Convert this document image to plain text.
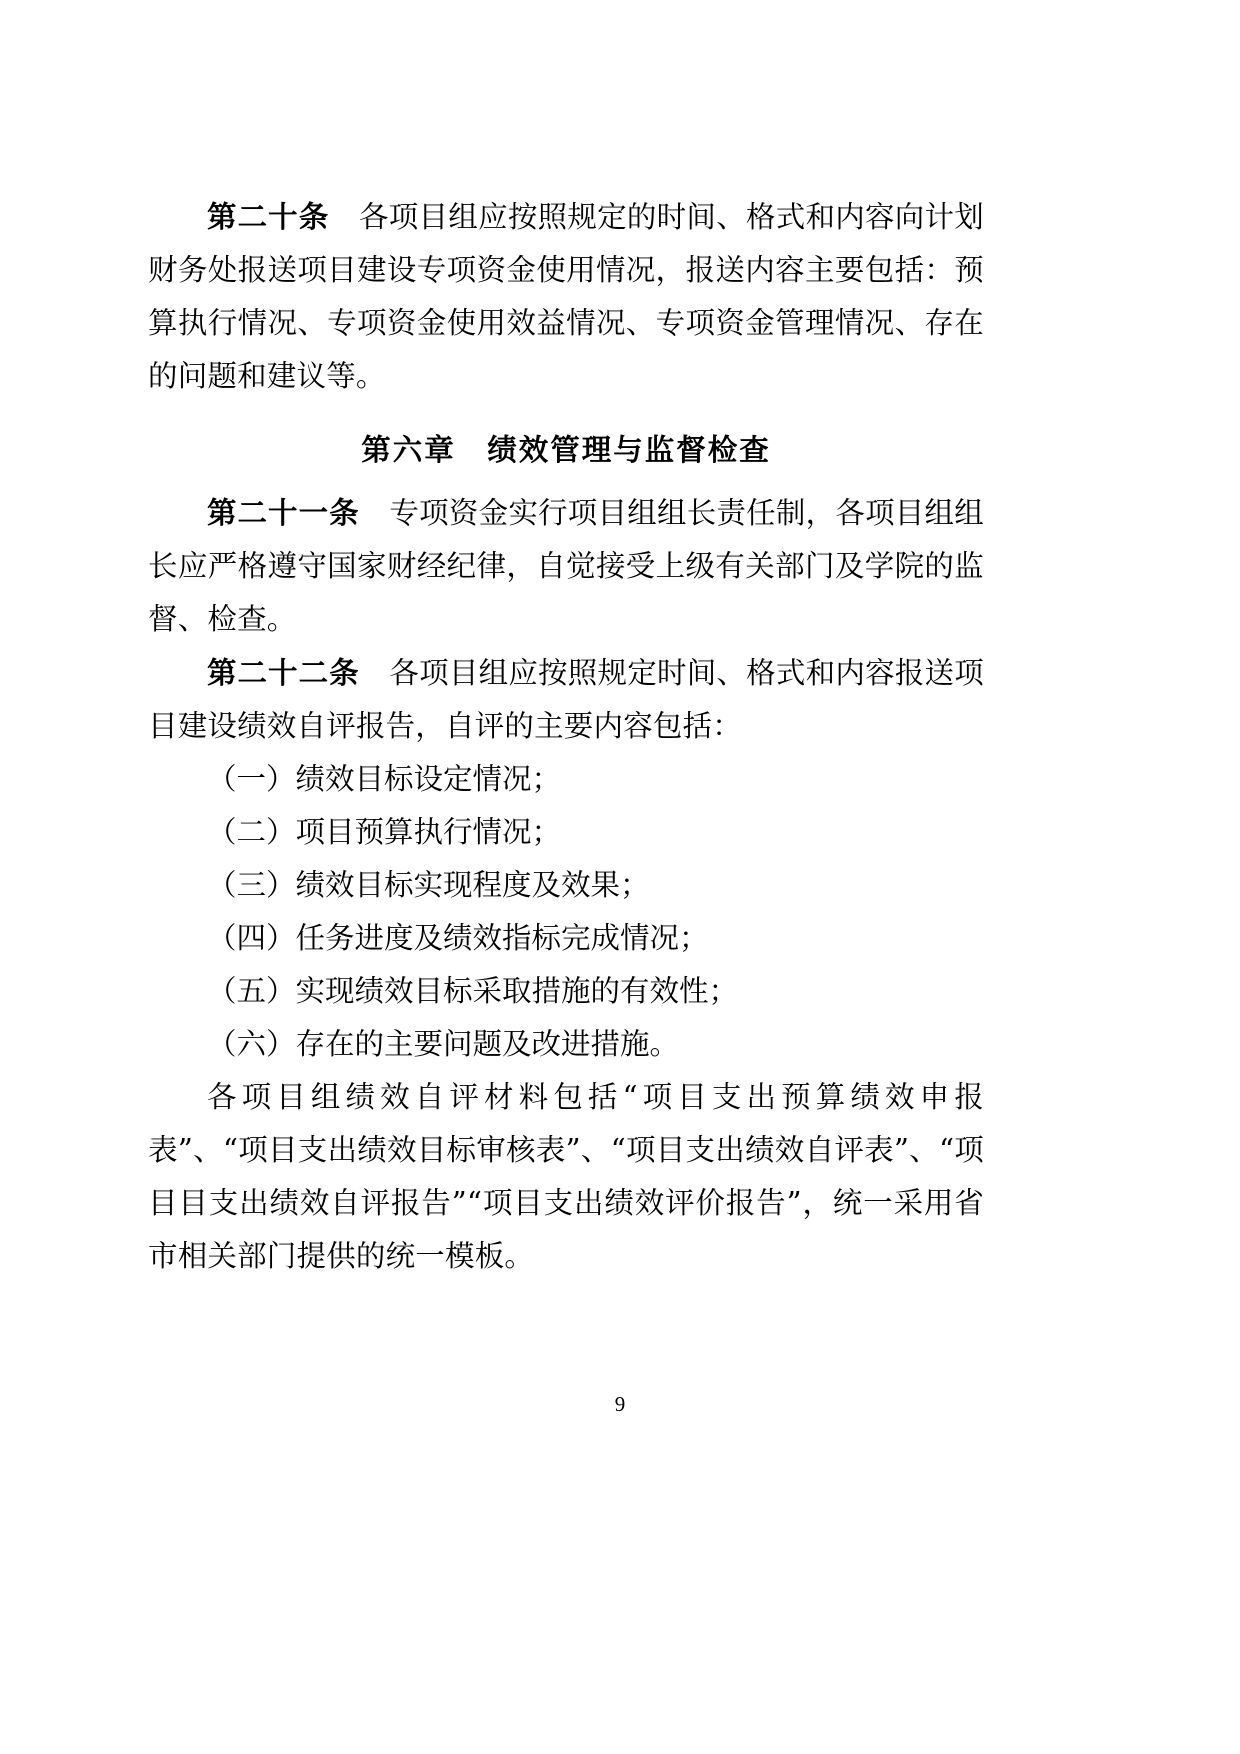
第二十条　 各项目组应按照规定的时间、格式和内容向计划财务处报送项目建设专项资金使用情况，报送内容主要包括：预算执行情况、专项资金使用效益情况、专项资金管理情况、存在的问题和建议等。

第六章　绩效管理与监督检查

第二十一条　 专项资金实行项目组组长责任制，各项目组组长应严格遵守国家财经纪律，自觉接受上级有关部门及学院的监督、检查。

第二十二条　 各项目组应按照规定时间、格式和内容报送项目建设绩效自评报告，自评的主要内容包括：

（一）绩效目标设定情况；

（二）项目预算执行情况；

（三）绩效目标实现程度及效果；

（四）任务进度及绩效指标完成情况；

（五）实现绩效目标采取措施的有效性；

（六）存在的主要问题及改进措施。

各项目组绩效自评材料包括“项目支出预算绩效申报表”、“项目支出绩效目标审核表”、“项目支出绩效自评表”、“项目目支出绩效自评报告”“项目支出绩效评价报告”，统一采用省市相关部门提供的统一模板。

9
